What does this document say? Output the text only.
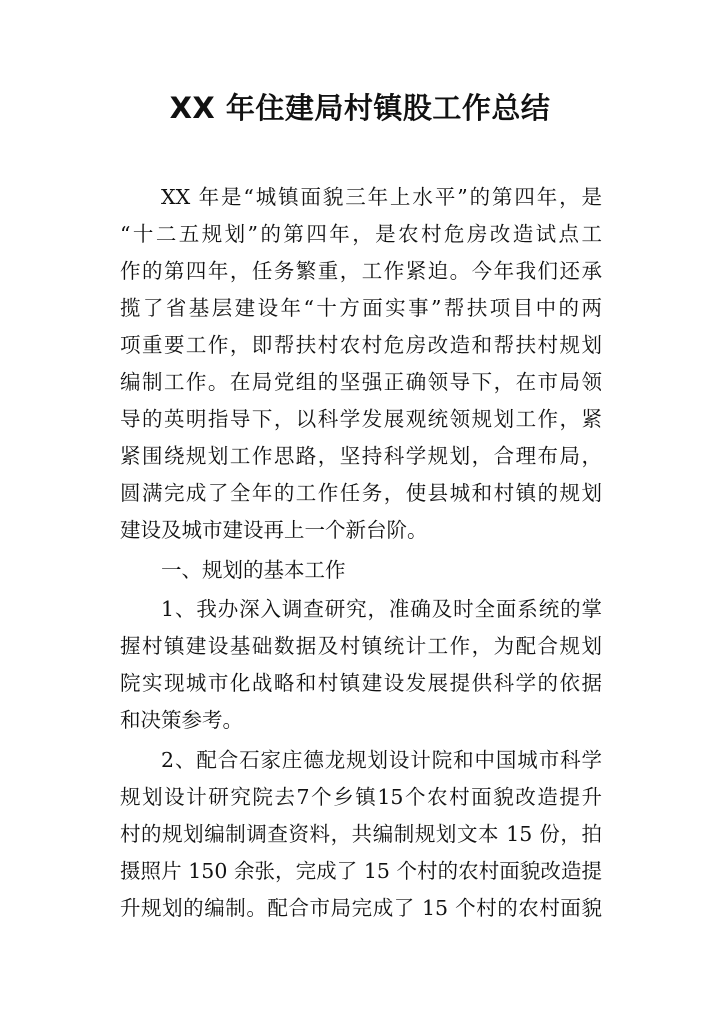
XX 年住建局村镇股工作总结
XX 年是“城镇面貌三年上水平”的第四年，是
“十二五规划”的第四年，是农村危房改造试点工
作的第四年，任务繁重，工作紧迫。今年我们还承
揽了省基层建设年“十方面实事”帮扶项目中的两
项重要工作，即帮扶村农村危房改造和帮扶村规划
编制工作。在局党组的坚强正确领导下，在市局领
导的英明指导下，以科学发展观统领规划工作，紧
紧围绕规划工作思路，坚持科学规划，合理布局，
圆满完成了全年的工作任务，使县城和村镇的规划
建设及城市建设再上一个新台阶。
一、规划的基本工作
1、我办深入调查研究，准确及时全面系统的掌
握村镇建设基础数据及村镇统计工作，为配合规划
院实现城市化战略和村镇建设发展提供科学的依据
和决策参考。
2、配合石家庄德龙规划设计院和中国城市科学
规划设计研究院去7个乡镇15个农村面貌改造提升
村的规划编制调查资料，共编制规划文本 15 份，拍
摄照片 150 余张，完成了 15 个村的农村面貌改造提
升规划的编制。配合市局完成了 15 个村的农村面貌
